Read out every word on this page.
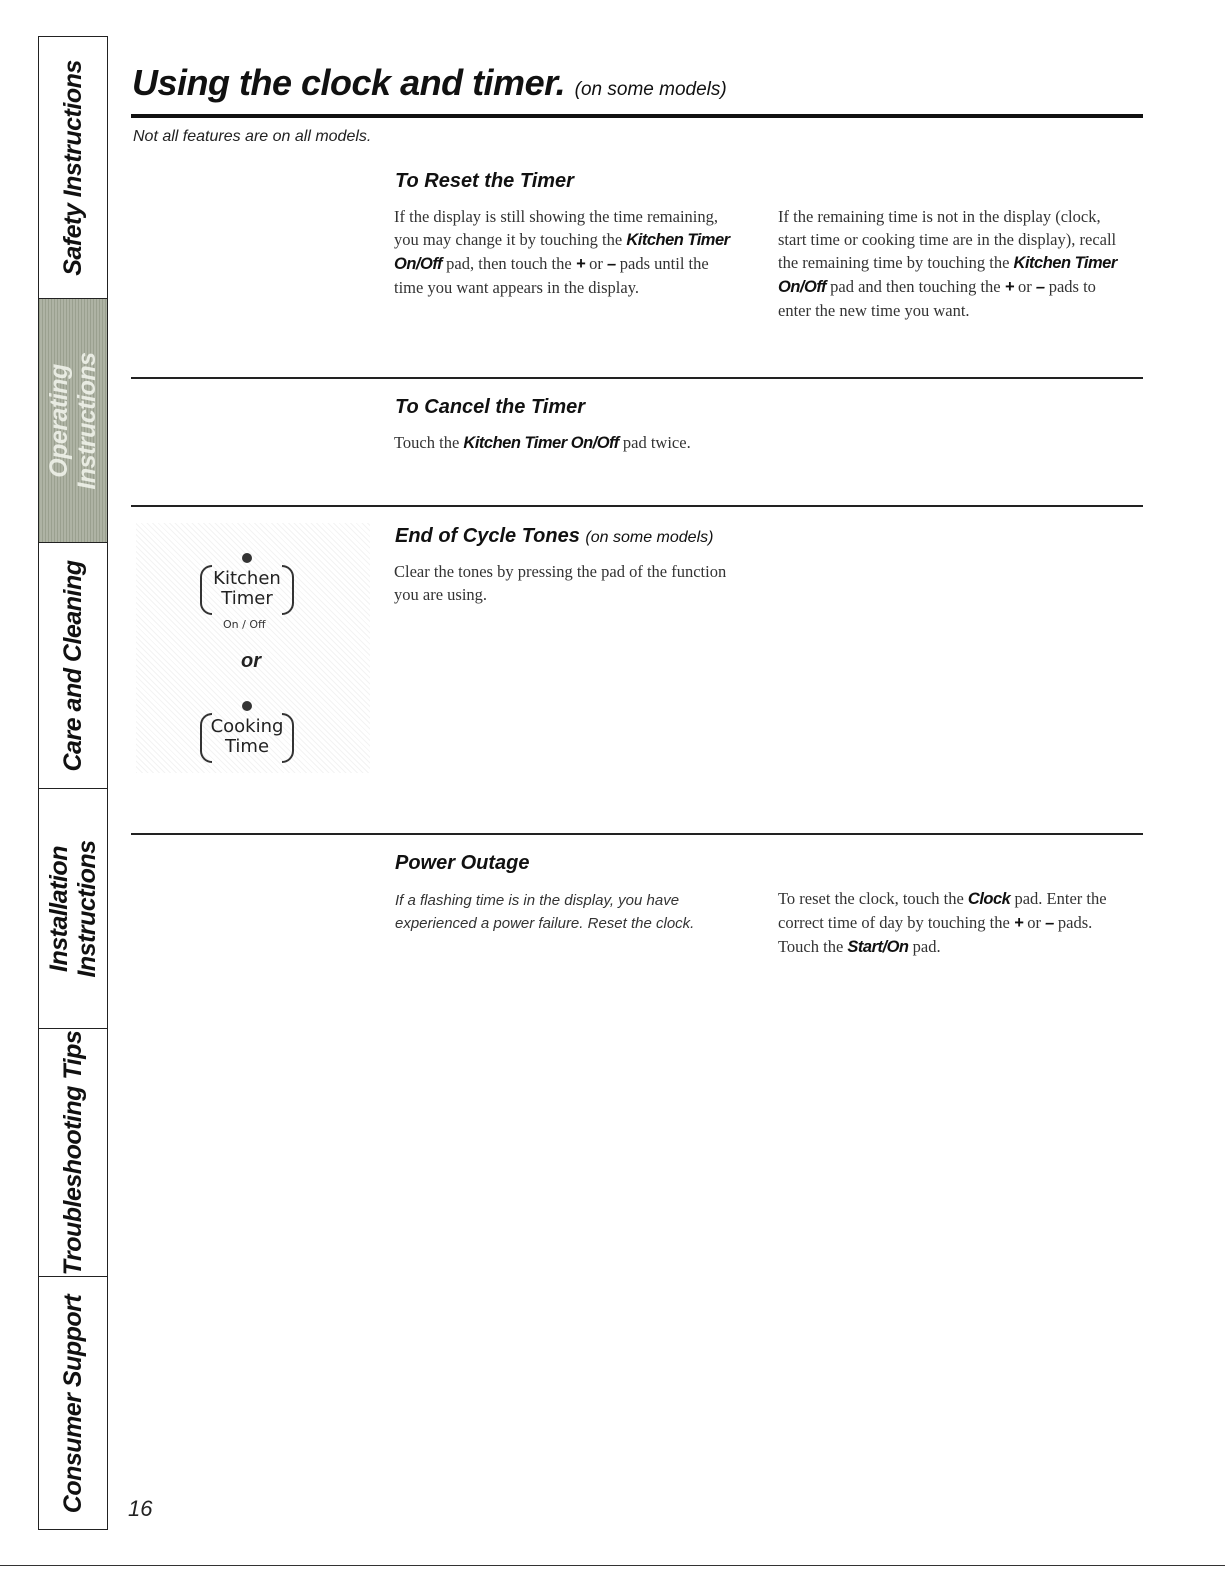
Safety Instructions
Operating
Instructions
Care and Cleaning
Installation
Instructions
Troubleshooting Tips
Consumer Support
Using the clock and timer. (on some models)
Not all features are on all models.
To Reset the Timer
If the display is still showing the time remaining, you may change it by touching the Kitchen Timer On/Off pad, then touch the + or – pads until the time you want appears in the display.
If the remaining time is not in the display (clock, start time or cooking time are in the display), recall the remaining time by touching the Kitchen Timer On/Off pad and then touching the + or – pads to enter the new time you want.
To Cancel the Timer
Touch the Kitchen Timer On/Off pad twice.
Kitchen
Timer
On / Off
or
Cooking
Time
End of Cycle Tones (on some models)
Clear the tones by pressing the pad of the function you are using.
Power Outage
If a flashing time is in the display, you have experienced a power failure. Reset the clock.
To reset the clock, touch the Clock pad. Enter the correct time of day by touching the + or – pads. Touch the Start/On pad.
16
